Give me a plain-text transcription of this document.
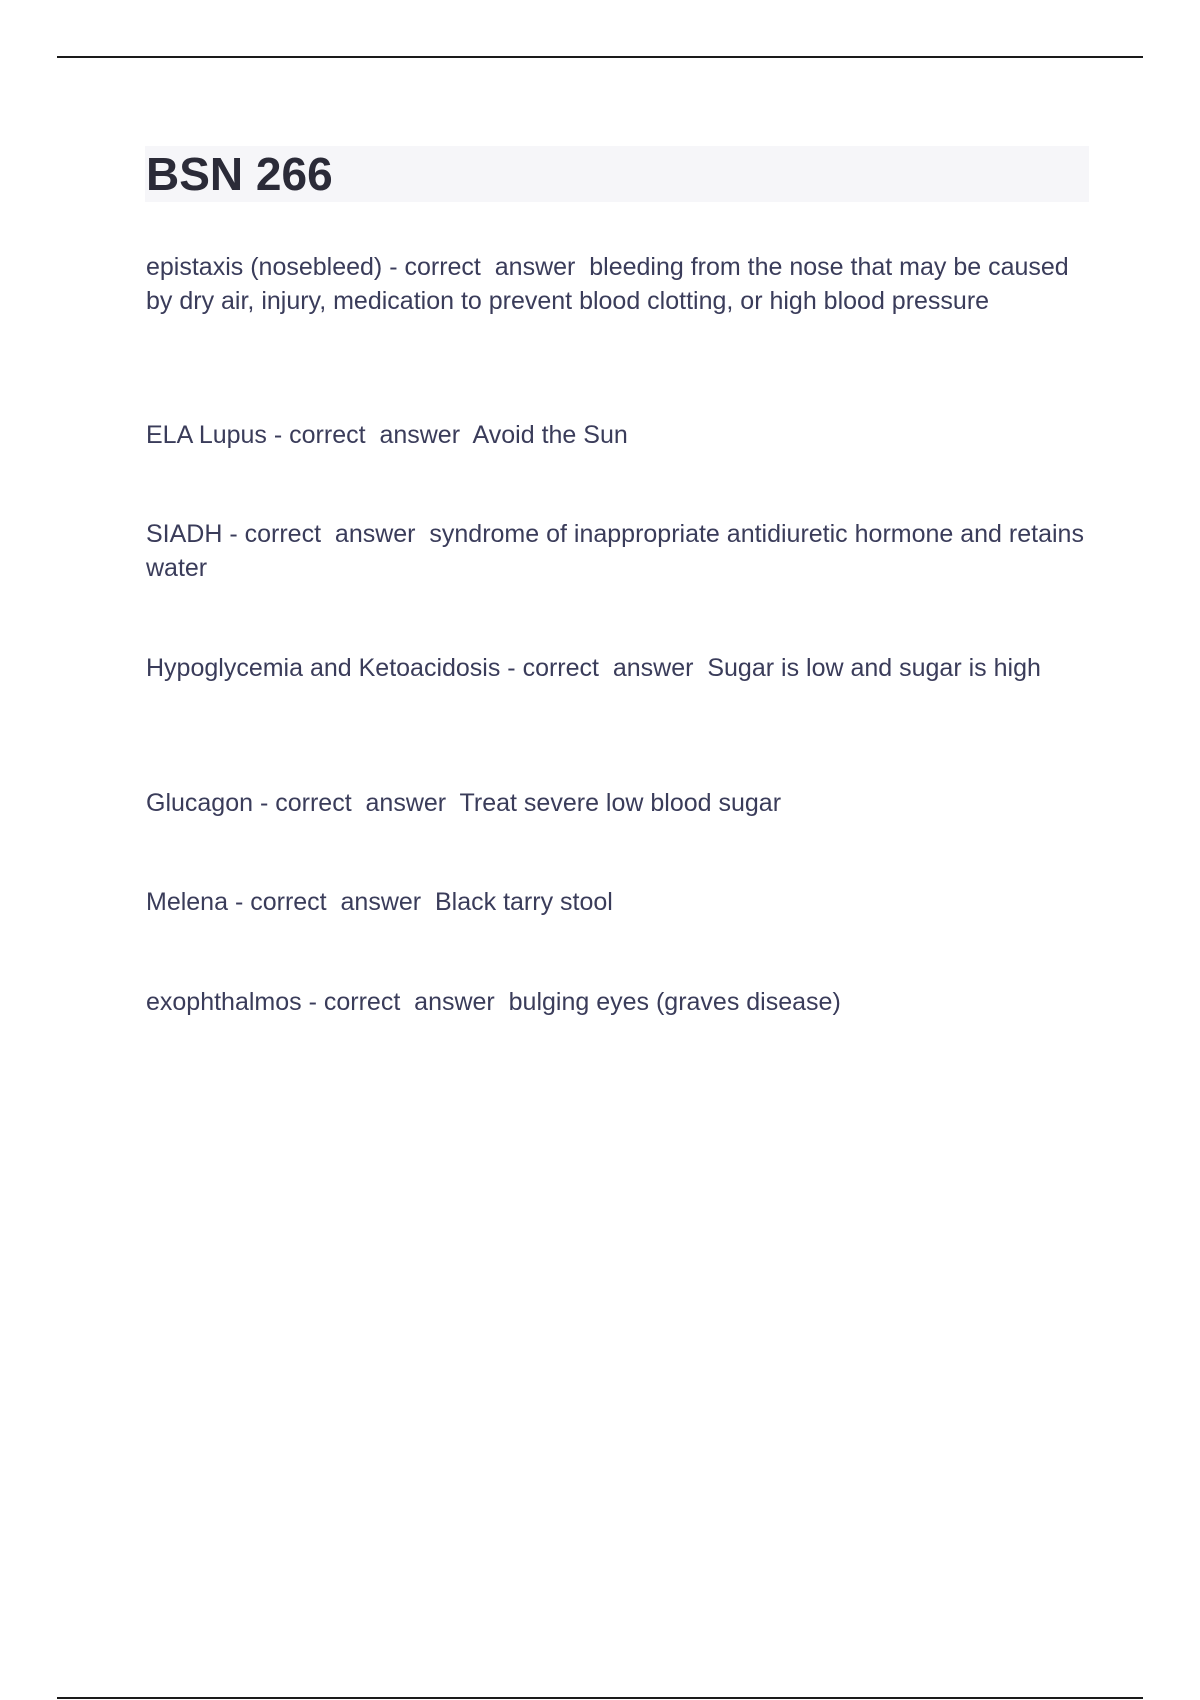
BSN 266
epistaxis (nosebleed) - correct  answer  bleeding from the nose that may be caused by dry air, injury, medication to prevent blood clotting, or high blood pressure
ELA Lupus - correct  answer  Avoid the Sun
SIADH - correct  answer  syndrome of inappropriate antidiuretic hormone and retains water
Hypoglycemia and Ketoacidosis - correct  answer  Sugar is low and sugar is high
Glucagon - correct  answer  Treat severe low blood sugar
Melena - correct  answer  Black tarry stool
exophthalmos - correct  answer  bulging eyes (graves disease)
